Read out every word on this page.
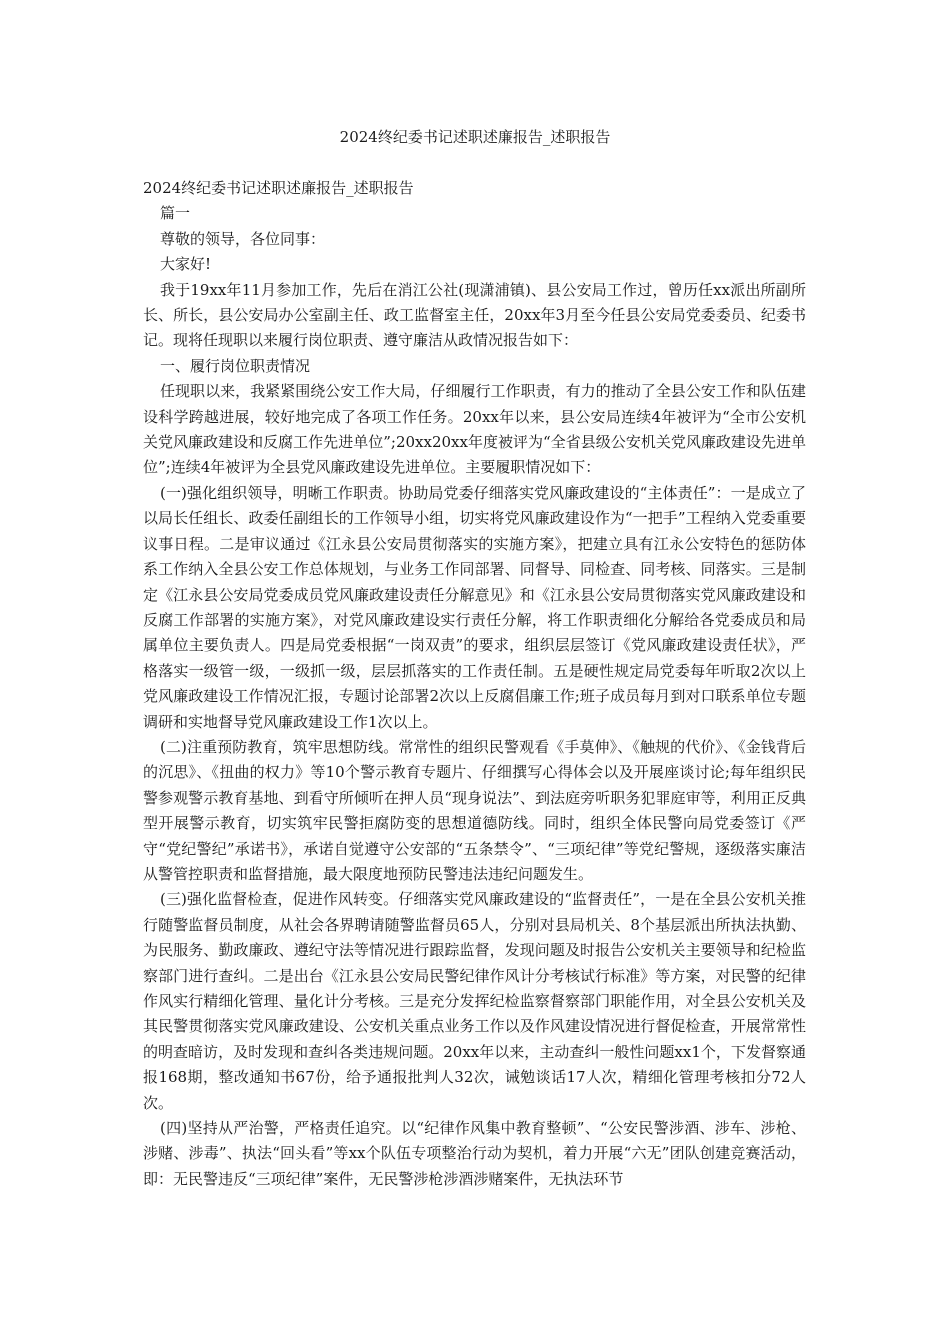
2024终纪委书记述职述廉报告_述职报告

2024终纪委书记述职述廉报告_述职报告

篇一

尊敬的领导，各位同事：

大家好!

我于19xx年11月参加工作，先后在消江公社(现潇浦镇)、县公安局工作过，曾历任xx派出所副所长、所长，县公安局办公室副主任、政工监督室主任，20xx年3月至今任县公安局党委委员、纪委书记。现将任现职以来履行岗位职责、遵守廉洁从政情况报告如下：

一、履行岗位职责情况

任现职以来，我紧紧围绕公安工作大局，仔细履行工作职责，有力的推动了全县公安工作和队伍建设科学跨越进展，较好地完成了各项工作任务。20xx年以来，县公安局连续4年被评为“全市公安机关党风廉政建设和反腐工作先进单位”;20xx20xx年度被评为“全省县级公安机关党风廉政建设先进单位”;连续4年被评为全县党风廉政建设先进单位。主要履职情况如下：

(一)强化组织领导，明晰工作职责。协助局党委仔细落实党风廉政建设的“主体责任”：一是成立了以局长任组长、政委任副组长的工作领导小组，切实将党风廉政建设作为“一把手”工程纳入党委重要议事日程。二是审议通过《江永县公安局贯彻落实的实施方案》，把建立具有江永公安特色的惩防体系工作纳入全县公安工作总体规划，与业务工作同部署、同督导、同检查、同考核、同落实。三是制定《江永县公安局党委成员党风廉政建设责任分解意见》和《江永县公安局贯彻落实党风廉政建设和反腐工作部署的实施方案》，对党风廉政建设实行责任分解，将工作职责细化分解给各党委成员和局属单位主要负责人。四是局党委根据“一岗双责”的要求，组织层层签订《党风廉政建设责任状》，严格落实一级管一级，一级抓一级，层层抓落实的工作责任制。五是硬性规定局党委每年听取2次以上党风廉政建设工作情况汇报，专题讨论部署2次以上反腐倡廉工作;班子成员每月到对口联系单位专题调研和实地督导党风廉政建设工作1次以上。

(二)注重预防教育，筑牢思想防线。常常性的组织民警观看《手莫伸》、《触规的代价》、《金钱背后的沉思》、《扭曲的权力》等10个警示教育专题片、仔细撰写心得体会以及开展座谈讨论;每年组织民警参观警示教育基地、到看守所倾听在押人员“现身说法”、到法庭旁听职务犯罪庭审等，利用正反典型开展警示教育，切实筑牢民警拒腐防变的思想道德防线。同时，组织全体民警向局党委签订《严守“党纪警纪”承诺书》，承诺自觉遵守公安部的“五条禁令”、“三项纪律”等党纪警规，逐级落实廉洁从警管控职责和监督措施，最大限度地预防民警违法违纪问题发生。

(三)强化监督检查，促进作风转变。仔细落实党风廉政建设的“监督责任”，一是在全县公安机关推行随警监督员制度，从社会各界聘请随警监督员65人，分别对县局机关、8个基层派出所执法执勤、为民服务、勤政廉政、遵纪守法等情况进行跟踪监督，发现问题及时报告公安机关主要领导和纪检监察部门进行查纠。二是出台《江永县公安局民警纪律作风计分考核试行标准》等方案，对民警的纪律作风实行精细化管理、量化计分考核。三是充分发挥纪检监察督察部门职能作用，对全县公安机关及其民警贯彻落实党风廉政建设、公安机关重点业务工作以及作风建设情况进行督促检查，开展常常性的明查暗访，及时发现和查纠各类违规问题。20xx年以来，主动查纠一般性问题xx1个，下发督察通报168期，整改通知书67份，给予通报批判人32次，诫勉谈话17人次，精细化管理考核扣分72人次。

(四)坚持从严治警，严格责任追究。以“纪律作风集中教育整顿”、“公安民警涉酒、涉车、涉枪、涉赌、涉毒”、执法“回头看”等xx个队伍专项整治行动为契机，着力开展“六无”团队创建竞赛活动，即：无民警违反“三项纪律”案件，无民警涉枪涉酒涉赌案件，无执法环节
